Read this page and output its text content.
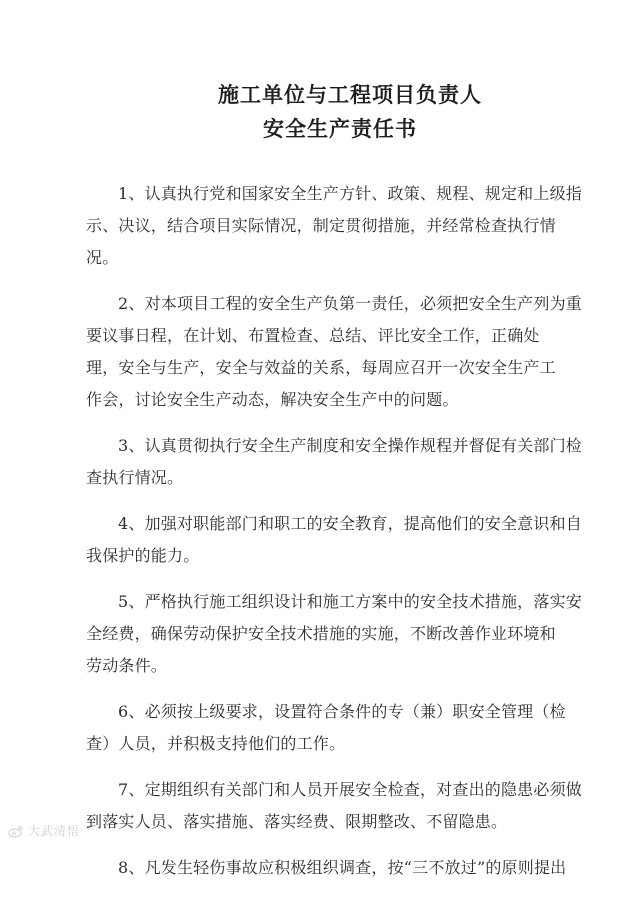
施工单位与工程项目负责人
安全生产责任书
1、认真执行党和国家安全生产方针、政策、规程、规定和上级指
示、决议，结合项目实际情况，制定贯彻措施，并经常检查执行情
况。
2、对本项目工程的安全生产负第一责任，必须把安全生产列为重
要议事日程，在计划、布置检查、总结、评比安全工作，正确处
理，安全与生产，安全与效益的关系，每周应召开一次安全生产工
作会，讨论安全生产动态，解决安全生产中的问题。
3、认真贯彻执行安全生产制度和安全操作规程并督促有关部门检
查执行情况。
4、加强对职能部门和职工的安全教育，提高他们的安全意识和自
我保护的能力。
5、严格执行施工组织设计和施工方案中的安全技术措施，落实安
全经费，确保劳动保护安全技术措施的实施，不断改善作业环境和
劳动条件。
6、必须按上级要求，设置符合条件的专（兼）职安全管理（检
查）人员，并积极支持他们的工作。
7、定期组织有关部门和人员开展安全检查，对查出的隐患必须做
到落实人员、落实措施、落实经费、限期整改、不留隐患。
8、凡发生轻伤事故应积极组织调查，按“三不放过”的原则提出
大武清悟
